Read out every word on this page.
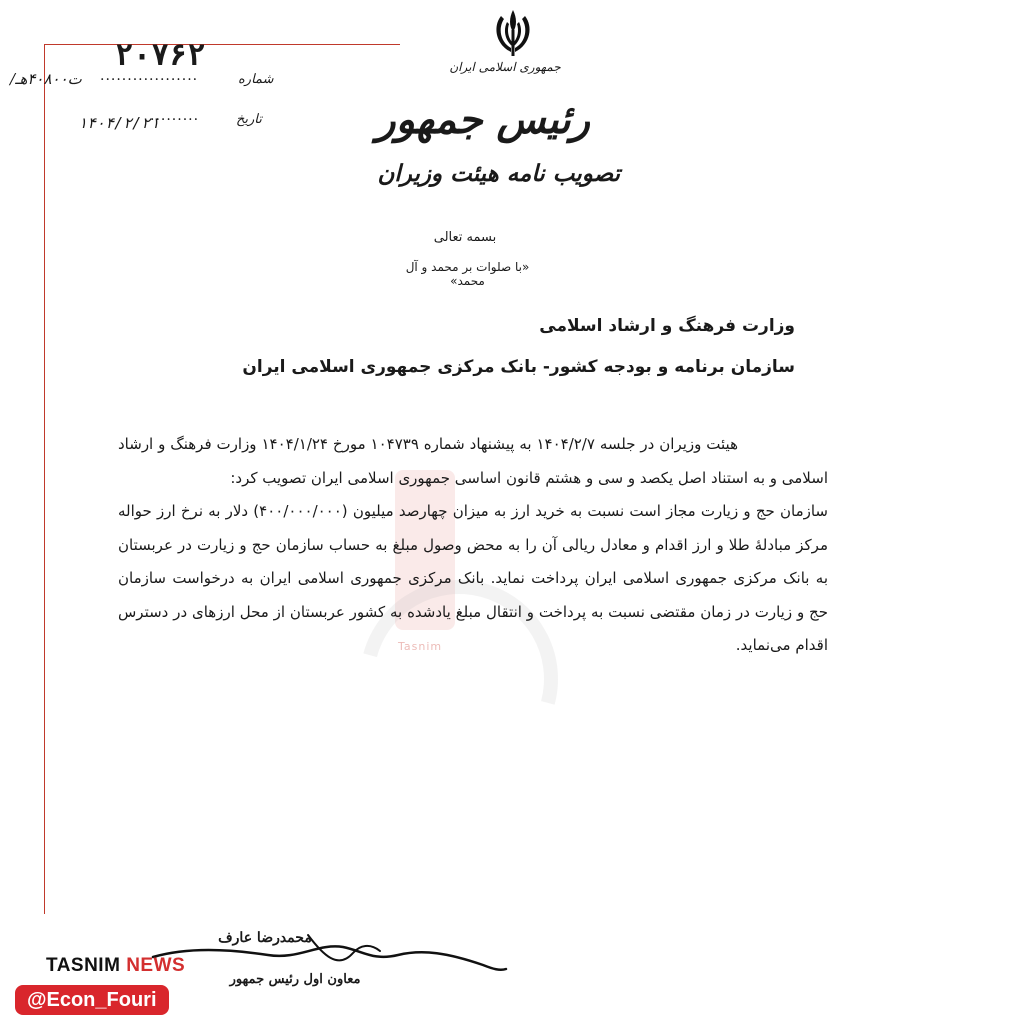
Tasnim
جمهوری اسلامی ایران
رئیس جمهور
تصویب نامه هیئت وزیران
۲۰۷۶۲
شماره
..................
/ت۴۰۸۰۰هـ
تاریخ
.........
۱۴۰۴/۲/۲۱
بسمه تعالی
«با صلوات بر محمد و آل محمد»
وزارت فرهنگ و ارشاد اسلامی
سازمان برنامه و بودجه کشور- بانک مرکزی جمهوری اسلامی ایران

هیئت وزیران در جلسه ۱۴۰۴/۲/۷ به پیشنهاد شماره ۱۰۴۷۳۹ مورخ ۱۴۰۴/۱/۲۴ وزارت فرهنگ و ارشاد اسلامی و به استناد اصل یکصد و سی و هشتم قانون اساسی جمهوری اسلامی ایران تصویب کرد:

سازمان حج و زیارت مجاز است نسبت به خرید ارز به میزان چهارصد میلیون (۴۰۰/۰۰۰/۰۰۰) دلار به نرخ ارز حواله مرکز مبادلهٔ طلا و ارز اقدام و معادل ریالی آن را به محض وصول مبلغ به حساب سازمان حج و زیارت در عربستان به بانک مرکزی جمهوری اسلامی ایران پرداخت نماید. بانک مرکزی جمهوری اسلامی ایران به درخواست سازمان حج و زیارت در زمان مقتضی نسبت به پرداخت و انتقال مبلغ یادشده به کشور عربستان از محل ارزهای در دسترس اقدام می‌نماید.

محمدرضا عارف
معاون اول رئیس جمهور
TASNIM NEWS
@Econ_Fouri
